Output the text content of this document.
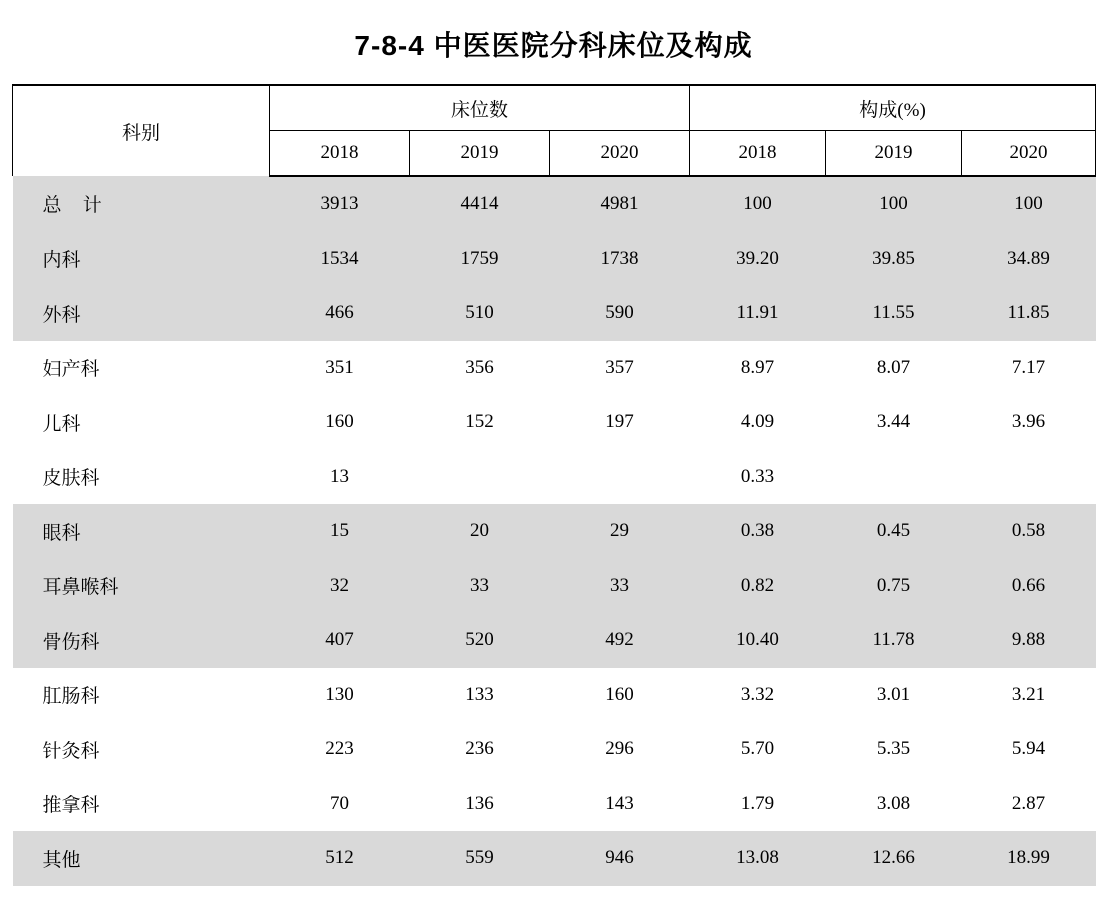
7-8-4 中医医院分科床位及构成
科别	床位数			构成(%)		
	2018	2019	2020	2018	2019	2020
总 计	3913	4414	4981	100	100	100
内科	1534	1759	1738	39.20	39.85	34.89
外科	466	510	590	11.91	11.55	11.85
妇产科	351	356	357	8.97	8.07	7.17
儿科	160	152	197	4.09	3.44	3.96
皮肤科	13			0.33		
眼科	15	20	29	0.38	0.45	0.58
耳鼻喉科	32	33	33	0.82	0.75	0.66
骨伤科	407	520	492	10.40	11.78	9.88
肛肠科	130	133	160	3.32	3.01	3.21
针灸科	223	236	296	5.70	5.35	5.94
推拿科	70	136	143	1.79	3.08	2.87
其他	512	559	946	13.08	12.66	18.99
